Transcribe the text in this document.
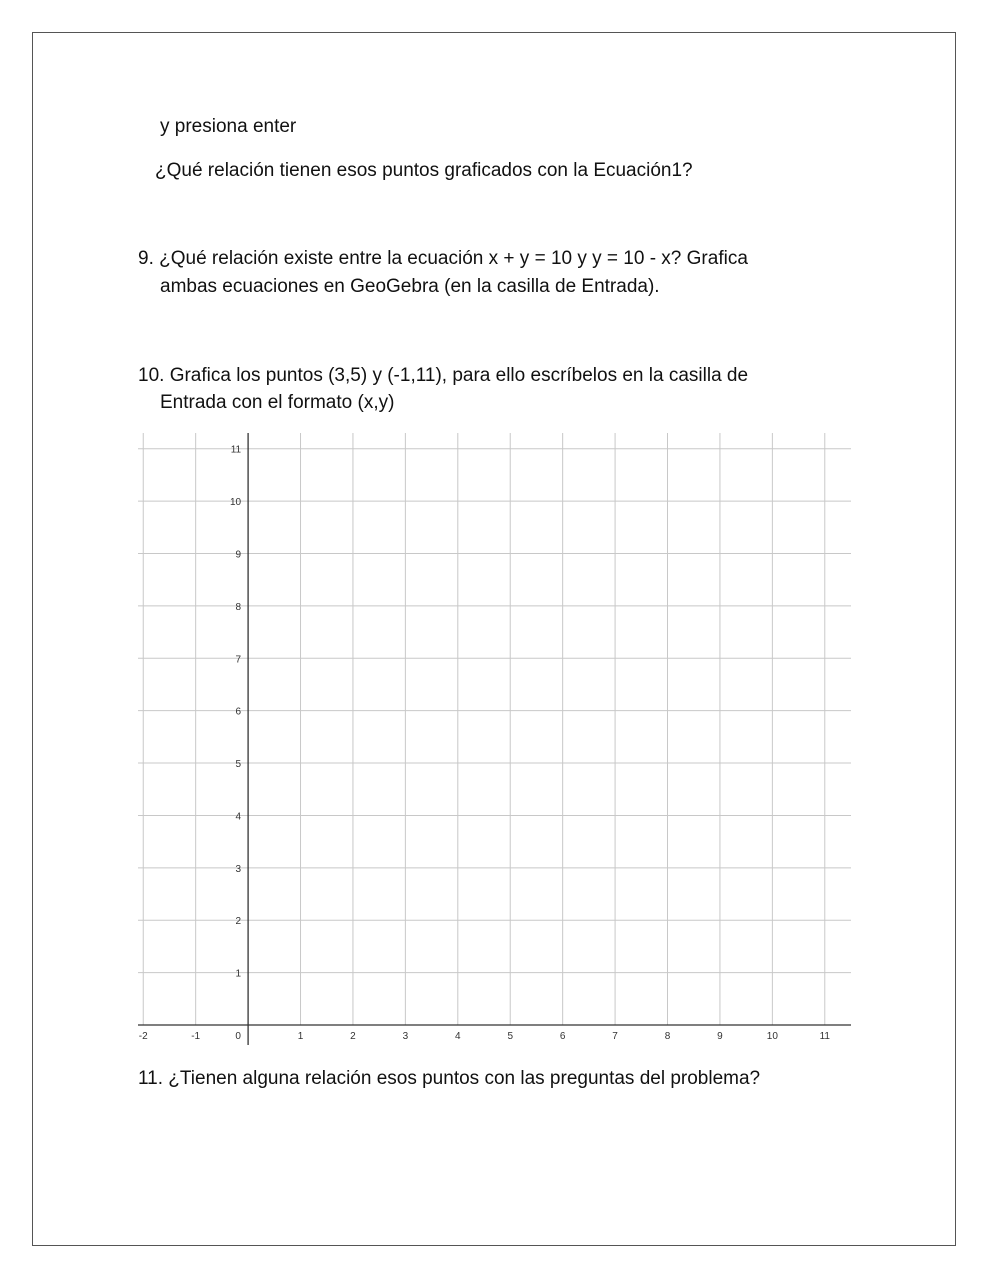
y presiona enter
¿Qué relación tienen esos puntos graficados con la Ecuación1?
9. ¿Qué relación existe entre la ecuación x + y = 10 y y = 10 - x? Grafica
ambas ecuaciones en GeoGebra (en la casilla de Entrada).
10. Grafica los puntos (3,5) y (-1,11), para ello escríbelos en la casilla de
Entrada con el formato (x,y)
-2	-1	0	1	2	3	4	5	6	7	8	9	10	11
1
2
3
4
5
6
7
8
9
10
11
11. ¿Tienen alguna relación esos puntos con las preguntas del problema?
